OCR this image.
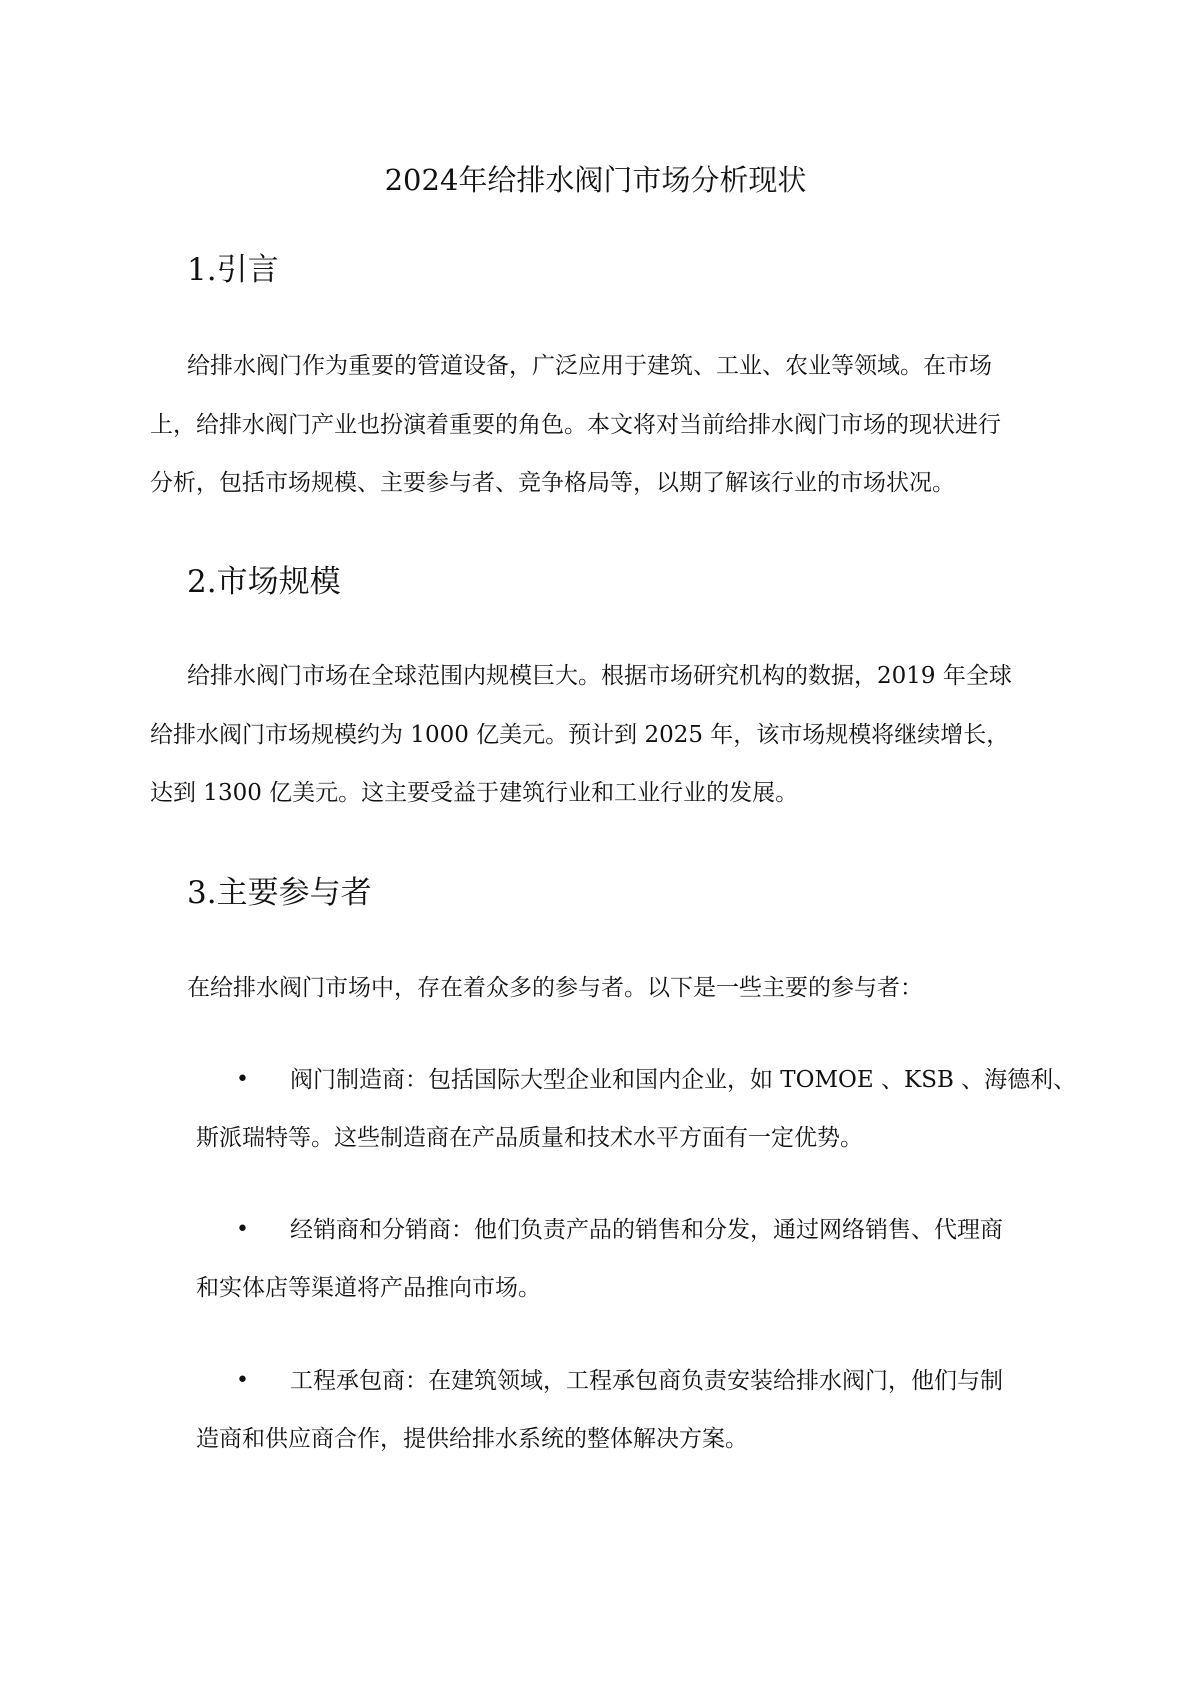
2024年给排水阀门市场分析现状
1.引言

给排水阀门作为重要的管道设备，广泛应用于建筑、工业、农业等领域。在市场

上，给排水阀门产业也扮演着重要的角色。本文将对当前给排水阀门市场的现状进行

分析，包括市场规模、主要参与者、竞争格局等，以期了解该行业的市场状况。

2.市场规模

给排水阀门市场在全球范围内规模巨大。根据市场研究机构的数据，2019 年全球

给排水阀门市场规模约为 1000 亿美元。预计到 2025 年，该市场规模将继续增长，

达到 1300 亿美元。这主要受益于建筑行业和工业行业的发展。

3.主要参与者

在给排水阀门市场中，存在着众多的参与者。以下是一些主要的参与者：

• 阀门制造商：包括国际大型企业和国内企业，如 TOMOE 、KSB 、海德利、

斯派瑞特等。这些制造商在产品质量和技术水平方面有一定优势。

• 经销商和分销商：他们负责产品的销售和分发，通过网络销售、代理商

和实体店等渠道将产品推向市场。

• 工程承包商：在建筑领域，工程承包商负责安装给排水阀门，他们与制

造商和供应商合作，提供给排水系统的整体解决方案。
